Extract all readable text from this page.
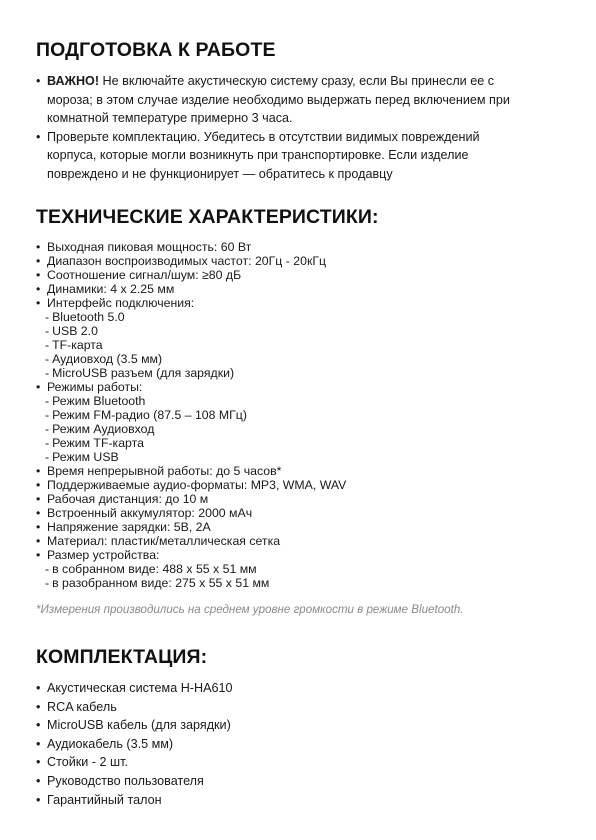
ПОДГОТОВКА К РАБОТЕ
• ВАЖНО! Не включайте акустическую систему сразу, если Вы принесли ее с
мороза; в этом случае изделие необходимо выдержать перед включением при
комнатной температуре примерно 3 часа.
• Проверьте комплектацию. Убедитесь в отсутствии видимых повреждений
корпуса, которые могли возникнуть при транспортировке. Если изделие
повреждено и не функционирует — обратитесь к продавцу
ТЕХНИЧЕСКИЕ ХАРАКТЕРИСТИКИ:
• Выходная пиковая мощность: 60 Вт
• Диапазон воспроизводимых частот: 20Гц - 20кГц
• Соотношение сигнал/шум: ≥80 дБ
• Динамики: 4 x 2.25 мм
• Интерфейс подключения:
- Bluetooth 5.0
- USB 2.0
- TF-карта
- Аудиовход (3.5 мм)
- MicroUSB разъем (для зарядки)
• Режимы работы:
- Режим Bluetooth
- Режим FM-радио (87.5 – 108 МГц)
- Режим Аудиовход
- Режим TF-карта
- Режим USB
• Время непрерывной работы: до 5 часов*
• Поддерживаемые аудио-форматы: MP3, WMA, WAV
• Рабочая дистанция: до 10 м
• Встроенный аккумулятор: 2000 мАч
• Напряжение зарядки: 5В, 2А
• Материал: пластик/металлическая сетка
• Размер устройства:
- в собранном виде: 488 x 55 x 51 мм
- в разобранном виде: 275 x 55 x 51 мм
*Измерения производились на среднем уровне громкости в режиме Bluetooth.
КОМПЛЕКТАЦИЯ:
• Акустическая система H-HA610
• RCA кабель
• MicroUSB кабель (для зарядки)
• Аудиокабель (3.5 мм)
• Стойки - 2 шт.
• Руководство пользователя
• Гарантийный талон
